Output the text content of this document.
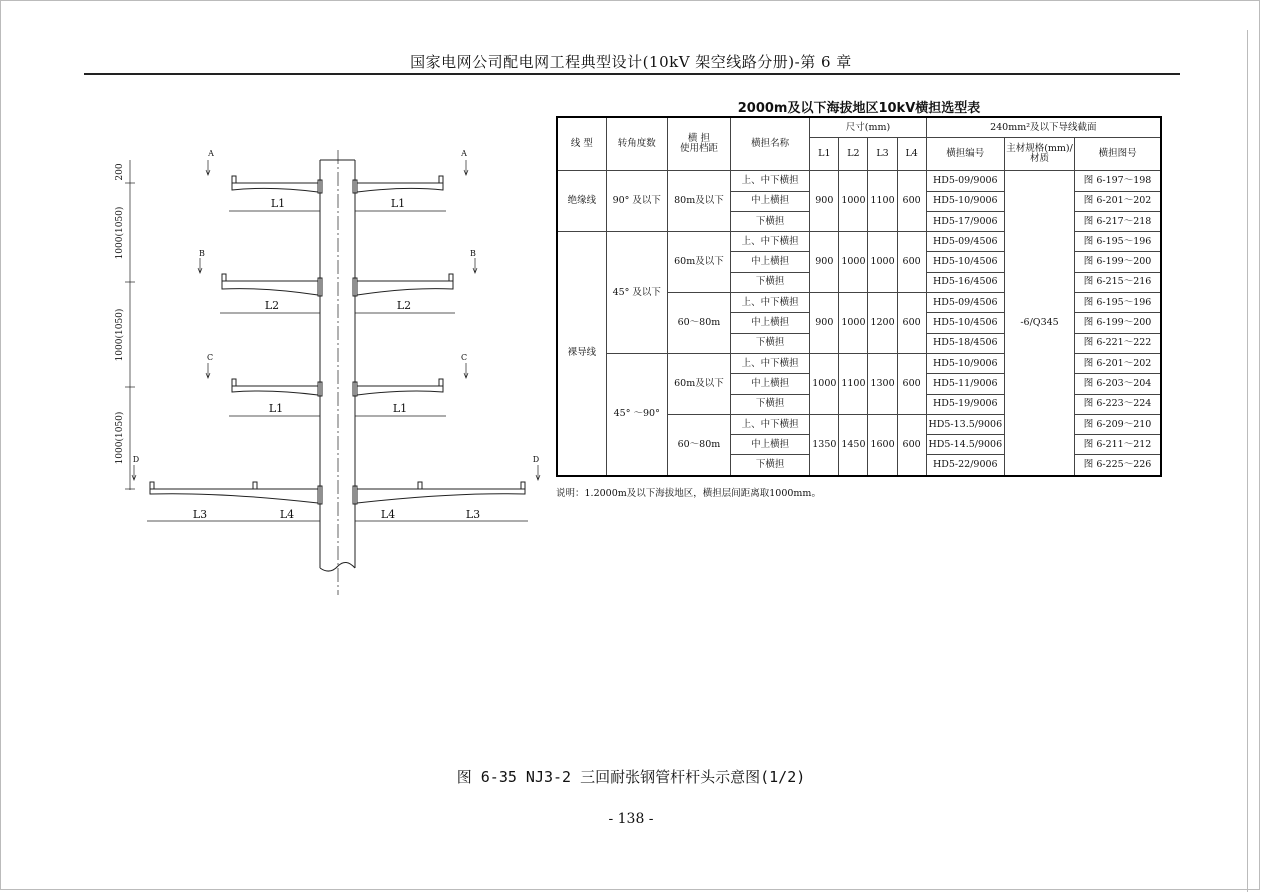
国家电网公司配电网工程典型设计(10kV 架空线路分册)-第 6 章
L1	L1
L2	L2
L1	L1
L3	L4	L4	L3
A	A
B	B
C	C
D	D
200
1000(1050)
1000(1050)
1000(1050)
2000m及以下海拔地区10kV横担选型表
线 型	转角度数	横 担
使用档距	横担名称	尺寸(mm)				240mm²及以下导线截面		
				L1	L2	L3	L4	横担编号	主材规格(mm)/材质	横担图号
绝缘线	90° 及以下	80m及以下	上、中下横担	900	1000	1100	600	HD5-09/9006	-6/Q345	图 6-197～198
			中上横担					HD5-10/9006		图 6-201～202
			下横担					HD5-17/9006		图 6-217～218
裸导线	45° 及以下	60m及以下	上、中下横担	900	1000	1000	600	HD5-09/4506		图 6-195～196
			中上横担					HD5-10/4506		图 6-199～200
			下横担					HD5-16/4506		图 6-215～216
		60～80m	上、中下横担	900	1000	1200	600	HD5-09/4506		图 6-195～196
			中上横担					HD5-10/4506		图 6-199～200
			下横担					HD5-18/4506		图 6-221～222
	45° ～90°	60m及以下	上、中下横担	1000	1100	1300	600	HD5-10/9006		图 6-201～202
			中上横担					HD5-11/9006		图 6-203～204
			下横担					HD5-19/9006		图 6-223～224
		60～80m	上、中下横担	1350	1450	1600	600	HD5-13.5/9006		图 6-209～210
			中上横担					HD5-14.5/9006		图 6-211～212
			下横担					HD5-22/9006		图 6-225～226
说明：1.2000m及以下海拔地区，横担层间距离取1000mm。
图 6-35 NJ3-2 三回耐张钢管杆杆头示意图(1/2)
- 138 -
